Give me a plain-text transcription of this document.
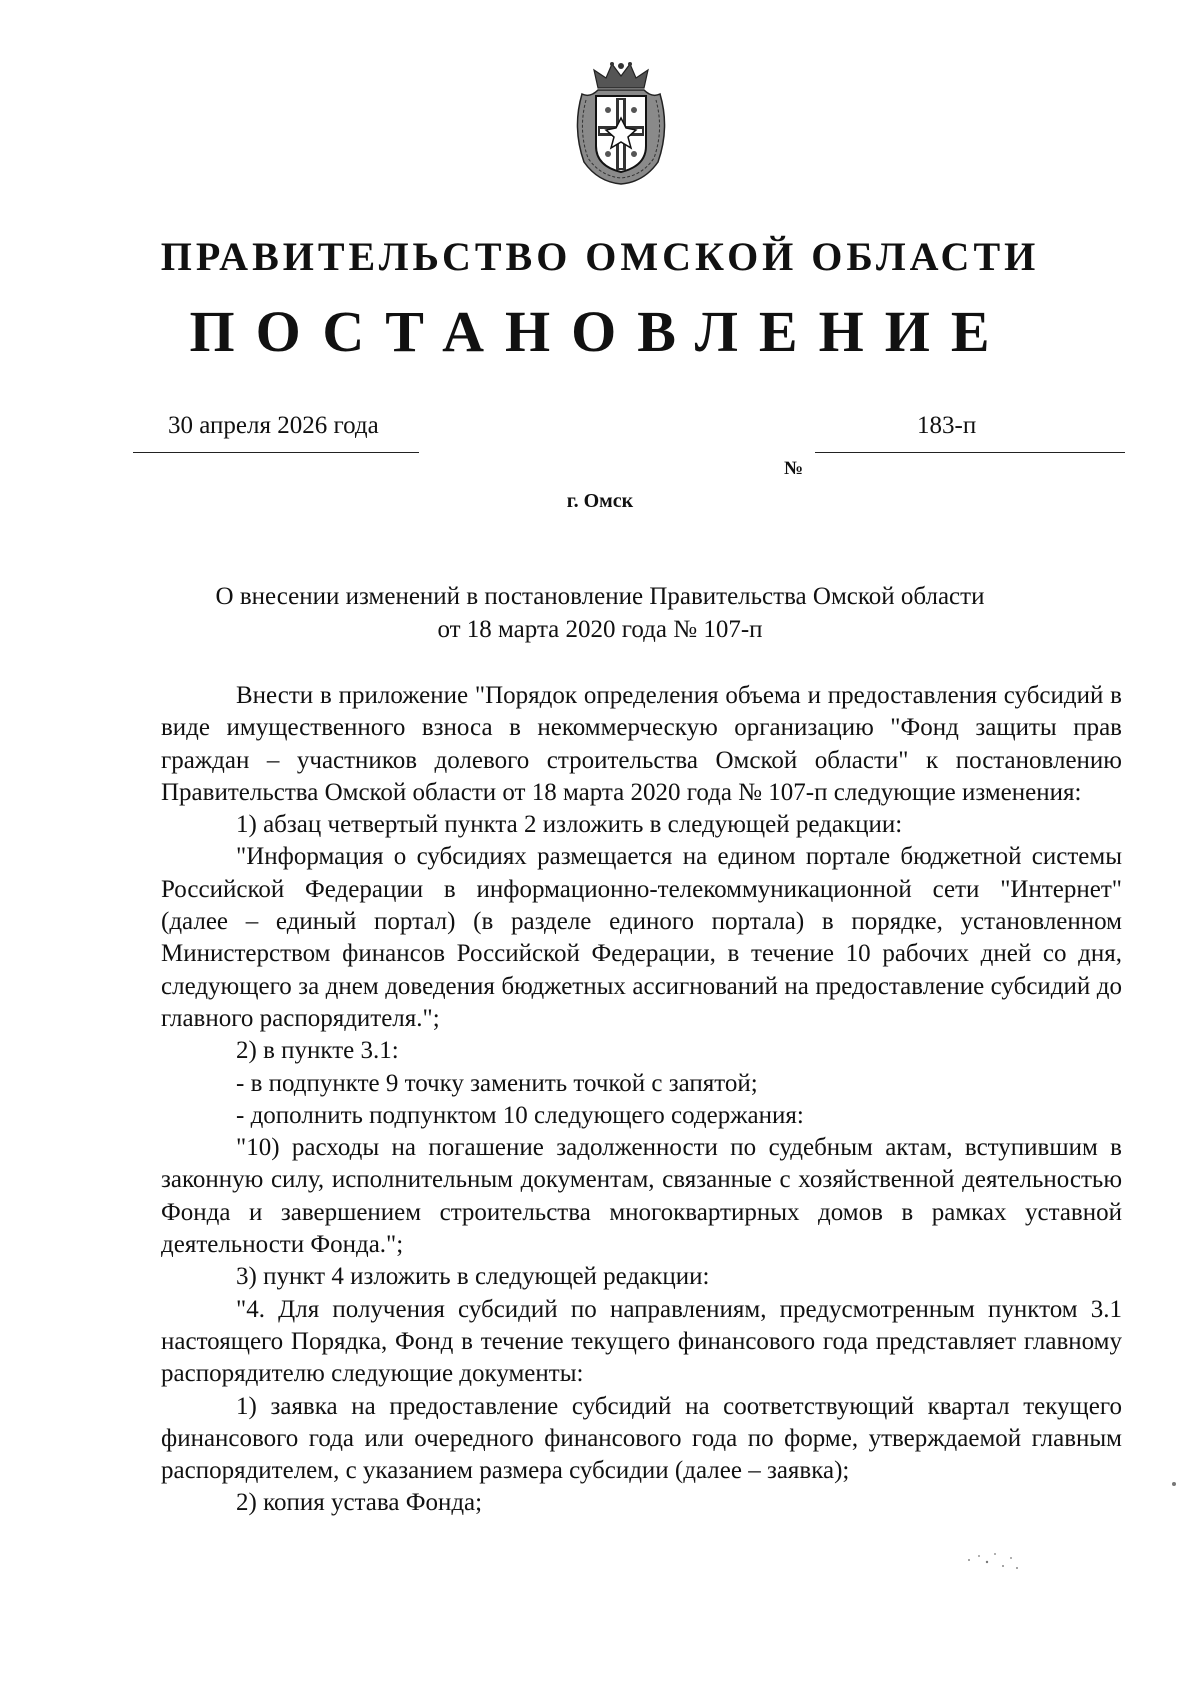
ПРАВИТЕЛЬСТВО ОМСКОЙ ОБЛАСТИ
ПОСТАНОВЛЕНИЕ
30 апреля 2026 года
№
183-п
г. Омск
О внесении изменений в постановление Правительства Омской области
от 18 марта 2020 года № 107-п

Внести в приложение "Порядок определения объема и предоставления субсидий в виде имущественного взноса в некоммерческую организацию "Фонд защиты прав граждан – участников долевого строительства Омской области" к постановлению Правительства Омской области от 18 марта 2020 года № 107-п следующие изменения:

1) абзац четвертый пункта 2 изложить в следующей редакции:

"Информация о субсидиях размещается на едином портале бюджетной системы Российской Федерации в информационно-телекоммуникационной сети "Интернет" (далее – единый портал) (в разделе единого портала) в порядке, установленном Министерством финансов Российской Федерации, в течение 10 рабочих дней со дня, следующего за днем доведения бюджетных ассигнований на предоставление субсидий до главного распорядителя.";

2) в пункте 3.1:

- в подпункте 9 точку заменить точкой с запятой;

- дополнить подпунктом 10 следующего содержания:

"10) расходы на погашение задолженности по судебным актам, вступившим в законную силу, исполнительным документам, связанные с хозяйственной деятельностью Фонда и завершением строительства многоквартирных домов в рамках уставной деятельности Фонда.";

3) пункт 4 изложить в следующей редакции:

"4. Для получения субсидий по направлениям, предусмотренным пунктом 3.1 настоящего Порядка, Фонд в течение текущего финансового года представляет главному распорядителю следующие документы:

1) заявка на предоставление субсидий на соответствующий квартал текущего финансового года или очередного финансового года по форме, утверждаемой главным распорядителем, с указанием размера субсидии (далее – заявка);

2) копия устава Фонда;
